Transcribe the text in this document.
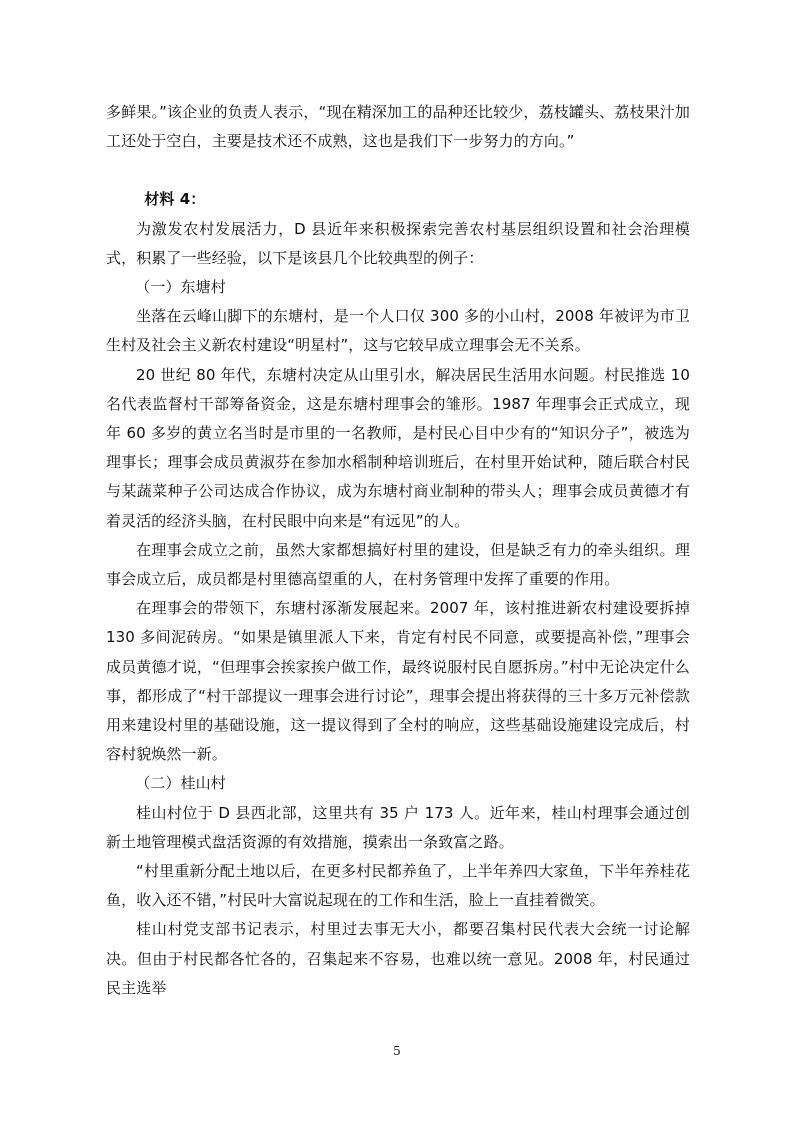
多鲜果。”该企业的负责人表示，“现在精深加工的品种还比较少，荔枝罐头、荔枝果汁加工还处于空白，主要是技术还不成熟，这也是我们下一步努力的方向。”

材料 4：

为激发农村发展活力，D 县近年来积极探索完善农村基层组织设置和社会治理模式，积累了一些经验，以下是该县几个比较典型的例子：

（一）东塘村

坐落在云峰山脚下的东塘村，是一个人口仅 300 多的小山村，2008 年被评为市卫生村及社会主义新农村建设“明星村”，这与它较早成立理事会无不关系。

20 世纪 80 年代，东塘村决定从山里引水，解决居民生活用水问题。村民推选 10 名代表监督村干部筹备资金，这是东塘村理事会的雏形。1987 年理事会正式成立，现年 60 多岁的黄立名当时是市里的一名教师，是村民心目中少有的“知识分子”，被选为理事长；理事会成员黄淑芬在参加水稻制种培训班后，在村里开始试种，随后联合村民与某蔬菜种子公司达成合作协议，成为东塘村商业制种的带头人；理事会成员黄德才有着灵活的经济头脑，在村民眼中向来是“有远见”的人。

在理事会成立之前，虽然大家都想搞好村里的建设，但是缺乏有力的牵头组织。理事会成立后，成员都是村里德高望重的人，在村务管理中发挥了重要的作用。

在理事会的带领下，东塘村涿渐发展起来。2007 年，该村推进新农村建设要拆掉 130 多间泥砖房。“如果是镇里派人下来，肯定有村民不同意，或要提高补偿，”理事会成员黄德才说，“但理事会挨家挨户做工作，最终说服村民自愿拆房。”村中无论决定什么事，都形成了“村干部提议一理事会进行讨论”，理事会提出将获得的三十多万元补偿款用来建设村里的基础设施，这一提议得到了全村的响应，这些基础设施建设完成后，村容村貌焕然一新。

（二）桂山村

桂山村位于 D 县西北部，这里共有 35 户 173 人。近年来，桂山村理事会通过创新土地管理模式盘活资源的有效措施，摸索出一条致富之路。

“村里重新分配土地以后，在更多村民都养鱼了，上半年养四大家鱼，下半年养桂花鱼，收入还不错，”村民叶大富说起现在的工作和生活，脸上一直挂着微笑。

桂山村党支部书记表示，村里过去事无大小，都要召集村民代表大会统一讨论解决。但由于村民都各忙各的，召集起来不容易，也难以统一意见。2008 年，村民通过民主选举

5
